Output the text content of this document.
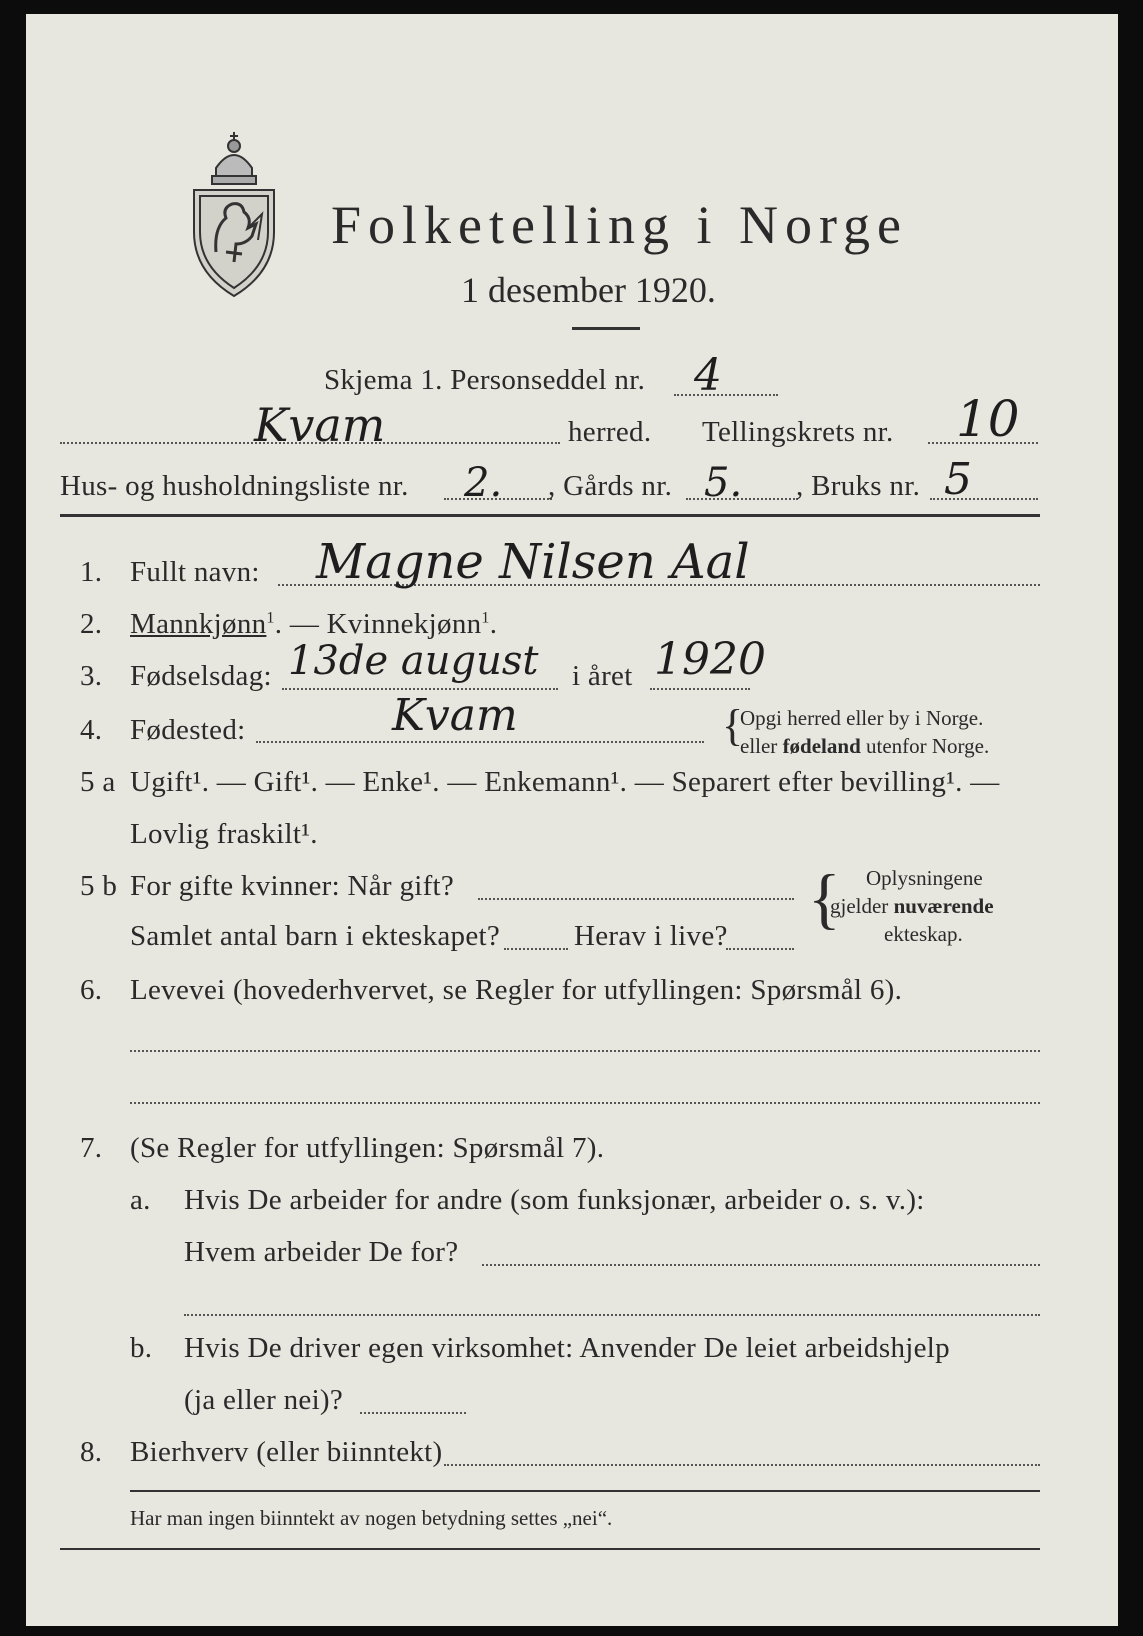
Folketelling i Norge
1 desember 1920.
Skjema 1. Personseddel nr. 4
Kvam	herred. Tellingskrets nr. 10
Hus- og husholdningsliste nr. 2. , Gårds nr. 5. , Bruks nr. 5
1. Fullt navn: Magne Nilsen Aal
2. Mannkjønn$^1$. — Kvinnekjønn$^1$.
3. Fødselsdag: 13de august i året 1920
4. Fødested:	Kvam	{
Opgi herred eller by i Norge.
eller fødeland utenfor Norge.
5 a Ugift¹. — Gift¹. — Enke¹. — Enkemann¹. — Separert efter bevilling¹. —
Lovlig fraskilt¹.
5 b For gifte kvinner: Når gift?
Samlet antal barn i ekteskapet?	Herav i live? { Oplysningene
gjelder nuværende
ekteskap.
6. Levevei (hovederhvervet, se Regler for utfyllingen: Spørsmål 6).
7. (Se Regler for utfyllingen: Spørsmål 7).
a. Hvis De arbeider for andre (som funksjonær, arbeider o. s. v.):
Hvem arbeider De for?
b. Hvis De driver egen virksomhet: Anvender De leiet arbeidshjelp
(ja eller nei)?
8. Bierhverv (eller biinntekt)
Har man ingen biinntekt av nogen betydning settes „nei“.
